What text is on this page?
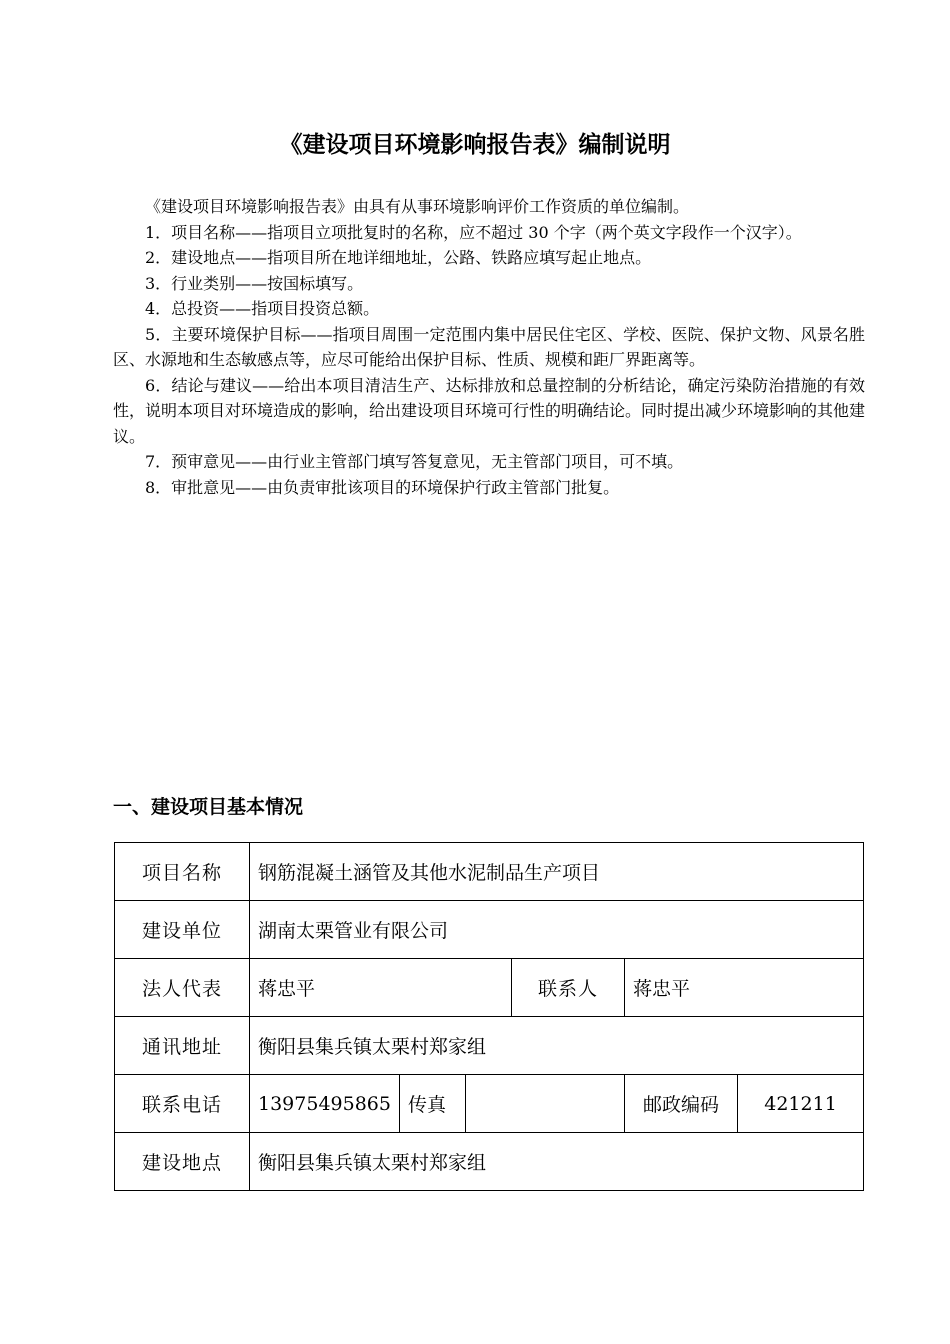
《建设项目环境影响报告表》编制说明

《建设项目环境影响报告表》由具有从事环境影响评价工作资质的单位编制。

1．项目名称——指项目立项批复时的名称，应不超过 30 个字（两个英文字段作一个汉字）。

2．建设地点——指项目所在地详细地址，公路、铁路应填写起止地点。

3．行业类别——按国标填写。

4．总投资——指项目投资总额。

5．主要环境保护目标——指项目周围一定范围内集中居民住宅区、学校、医院、保护文物、风景名胜区、水源地和生态敏感点等，应尽可能给出保护目标、性质、规模和距厂界距离等。

6．结论与建议——给出本项目清洁生产、达标排放和总量控制的分析结论，确定污染防治措施的有效性，说明本项目对环境造成的影响，给出建设项目环境可行性的明确结论。同时提出减少环境影响的其他建议。

7．预审意见——由行业主管部门填写答复意见，无主管部门项目，可不填。

8．审批意见——由负责审批该项目的环境保护行政主管部门批复。

一、建设项目基本情况
项目名称	钢筋混凝土涵管及其他水泥制品生产项目					
建设单位	湖南太栗管业有限公司					
法人代表	蒋忠平			联系人	蒋忠平	
通讯地址	衡阳县集兵镇太栗村郑家组					
联系电话	13975495865	传真			邮政编码	421211
建设地点	衡阳县集兵镇太栗村郑家组					
